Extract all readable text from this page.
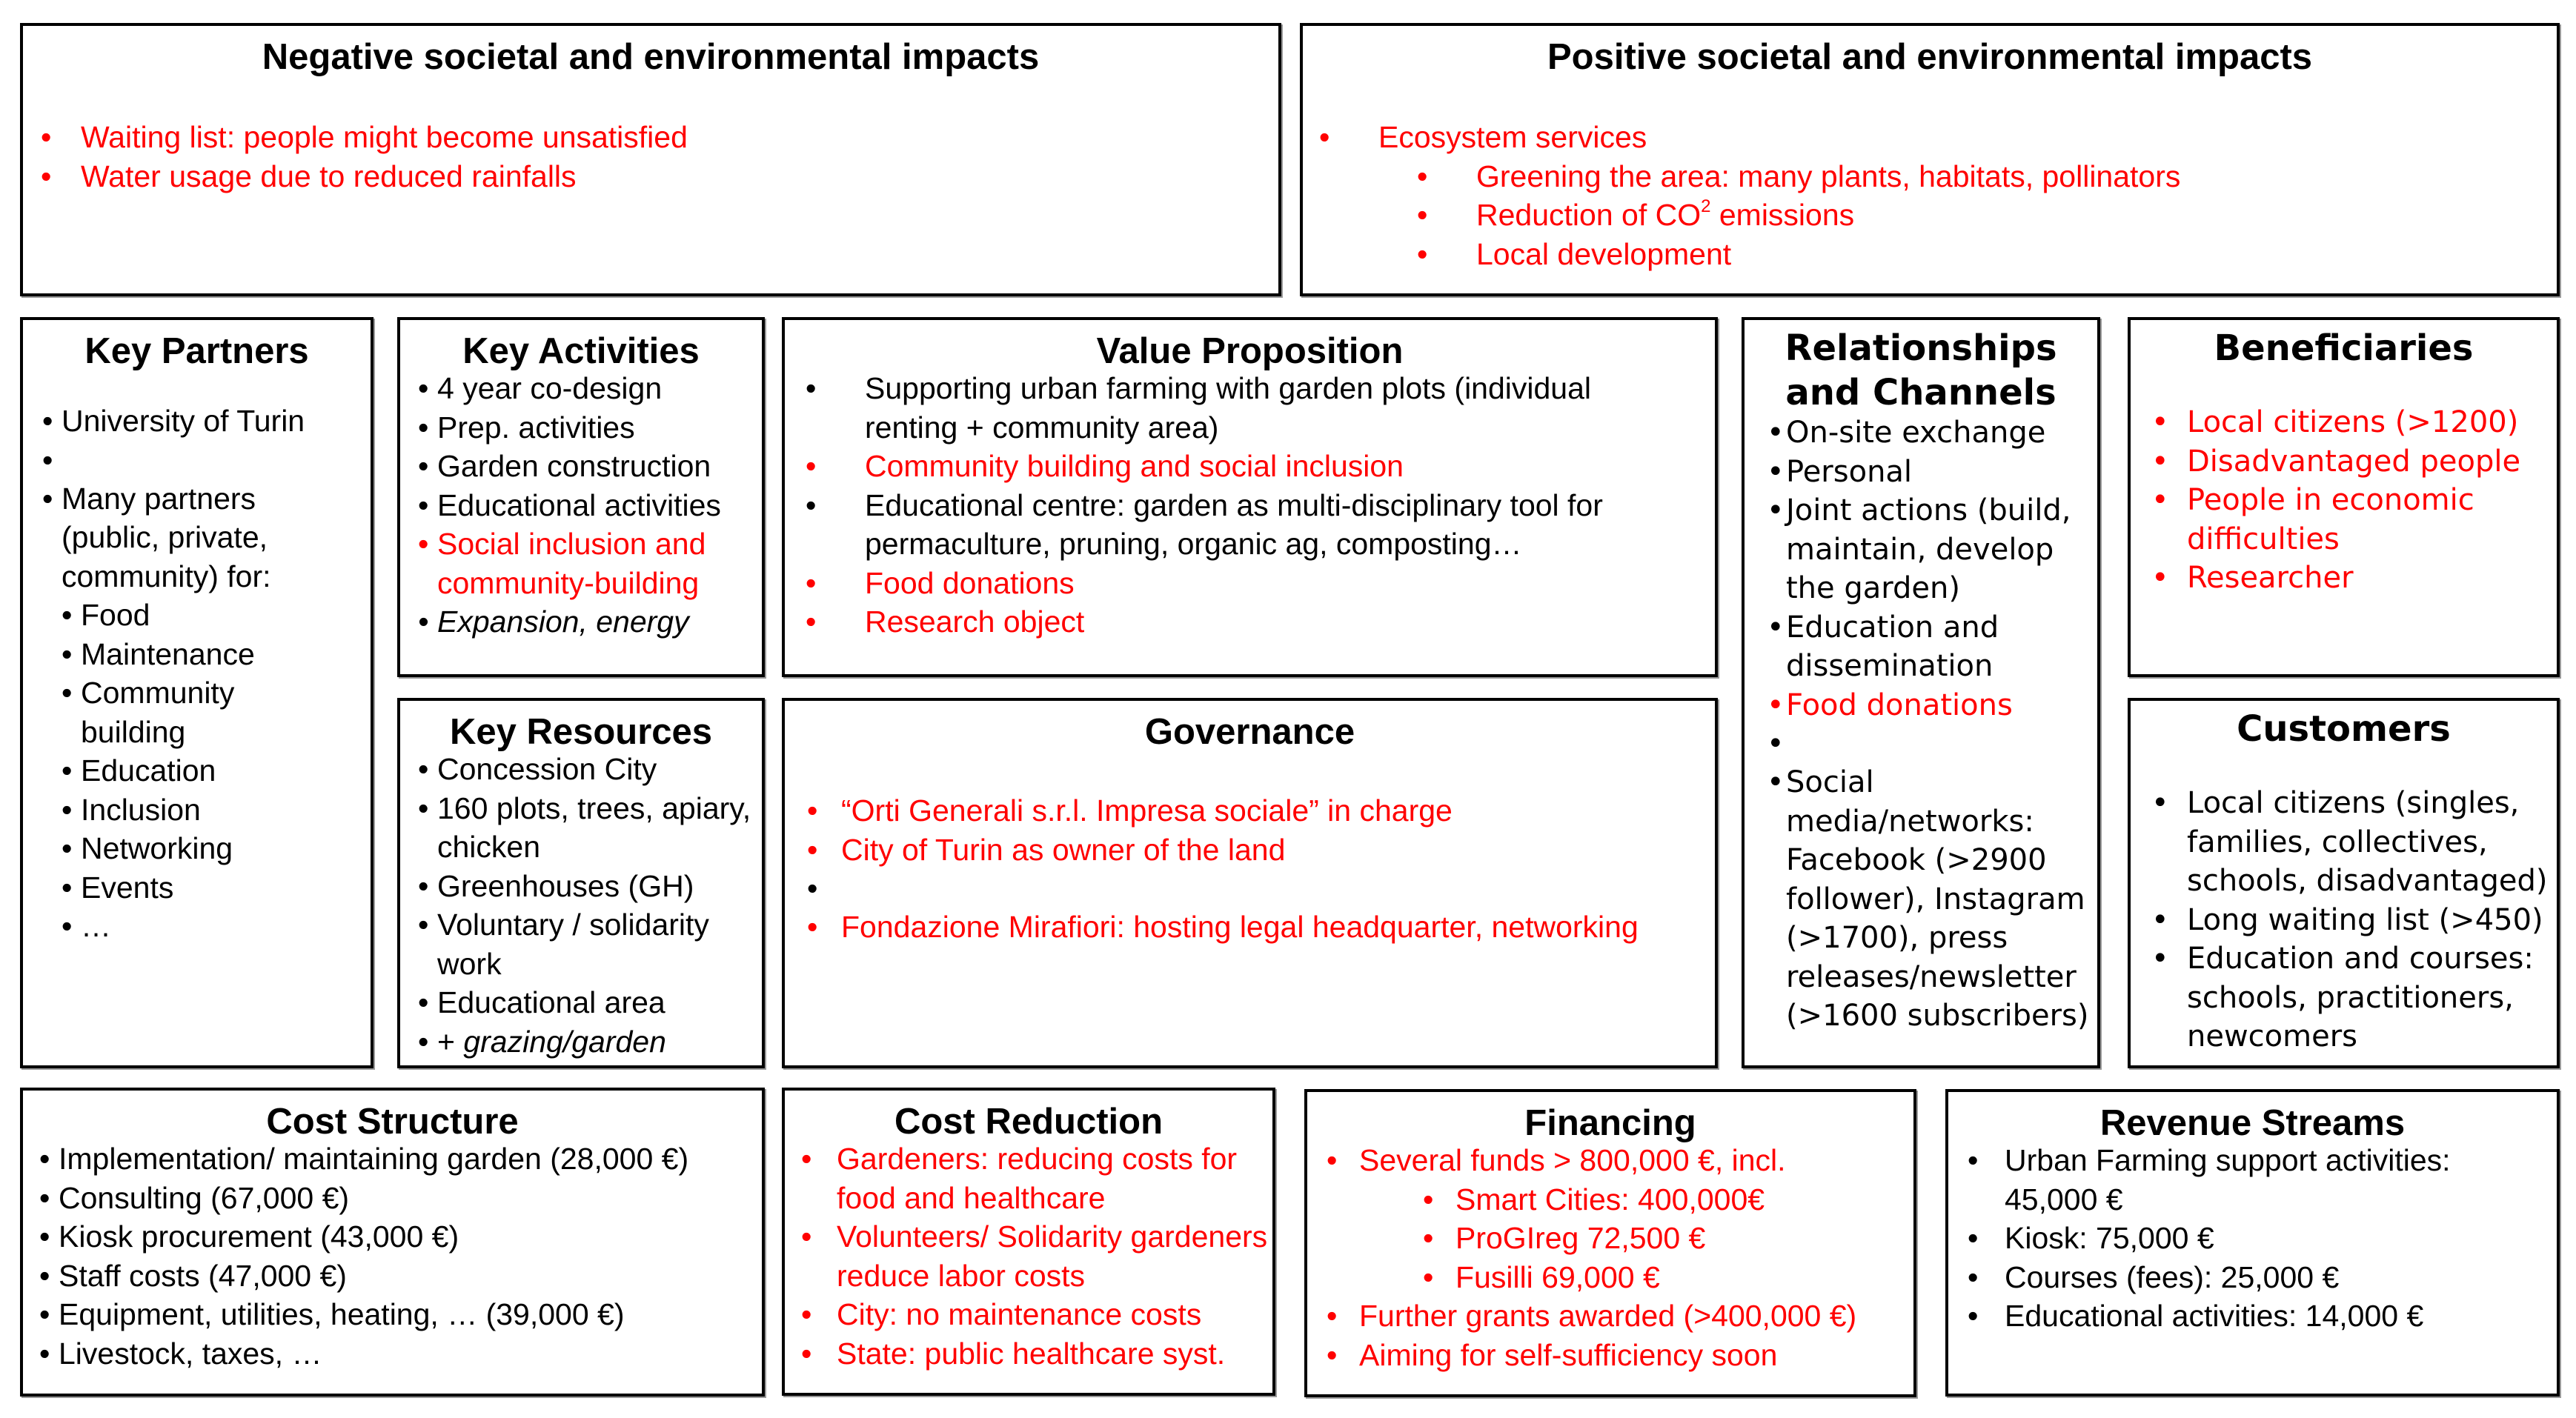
Negative societal and environmental impacts
• Waiting list: people might become unsatisfied
• Water usage due to reduced rainfalls
Positive societal and environmental impacts
• Ecosystem services
• Greening the area: many plants, habitats, pollinators
• Reduction of $CO^2$ emissions
• Local development
Key Partners
• University of Turin
•
• Many partners (public, private, community) for:
• Food
• Maintenance
• Community building
• Education
• Inclusion
• Networking
• Events
• …
Key Activities
• 4 year co-design
• Prep. activities
• Garden construction
• Educational activities
• Social inclusion and community-building
• Expansion, energy
Key Resources
• Concession City
• 160 plots, trees, apiary, chicken
• Greenhouses (GH)
• Voluntary / solidarity work
• Educational area
• + grazing/garden
Value Proposition
• Supporting urban farming with garden plots (individual renting + community area)
• Community building and social inclusion
• Educational centre: garden as multi-disciplinary tool for permaculture, pruning, organic ag, composting…
• Food donations
• Research object
Governance
• “Orti Generali s.r.l. Impresa sociale” in charge
• City of Turin as owner of the land
•
• Fondazione Mirafiori: hosting legal headquarter, networking
Relationships and Channels
• On-site exchange
• Personal
• Joint actions (build, maintain, develop the garden)
• Education and dissemination
• Food donations
•
• Social media/networks: Facebook (>2900 follower), Instagram (>1700), press releases/newsletter (>1600 subscribers)
Beneficiaries
• Local citizens (>1200)
• Disadvantaged people
• People in economic difficulties
• Researcher
Customers
• Local citizens (singles, families, collectives, schools, disadvantaged)
• Long waiting list (>450)
• Education and courses: schools, practitioners, newcomers
Cost Structure
• Implementation/ maintaining garden (28,000 €)
• Consulting (67,000 €)
• Kiosk procurement (43,000 €)
• Staff costs (47,000 €)
• Equipment, utilities, heating, … (39,000 €)
• Livestock, taxes, …
Cost Reduction
• Gardeners: reducing costs for food and healthcare
• Volunteers/ Solidarity gardeners reduce labor costs
• City: no maintenance costs
• State: public healthcare syst.
Financing
• Several funds > 800,000 €, incl.
• Smart Cities: 400,000€
• ProGIreg 72,500 €
• Fusilli 69,000 €
• Further grants awarded (>400,000 €)
• Aiming for self-sufficiency soon
Revenue Streams
• Urban Farming support activities: 45,000 €
• Kiosk: 75,000 €
• Courses (fees): 25,000 €
• Educational activities: 14,000 €
